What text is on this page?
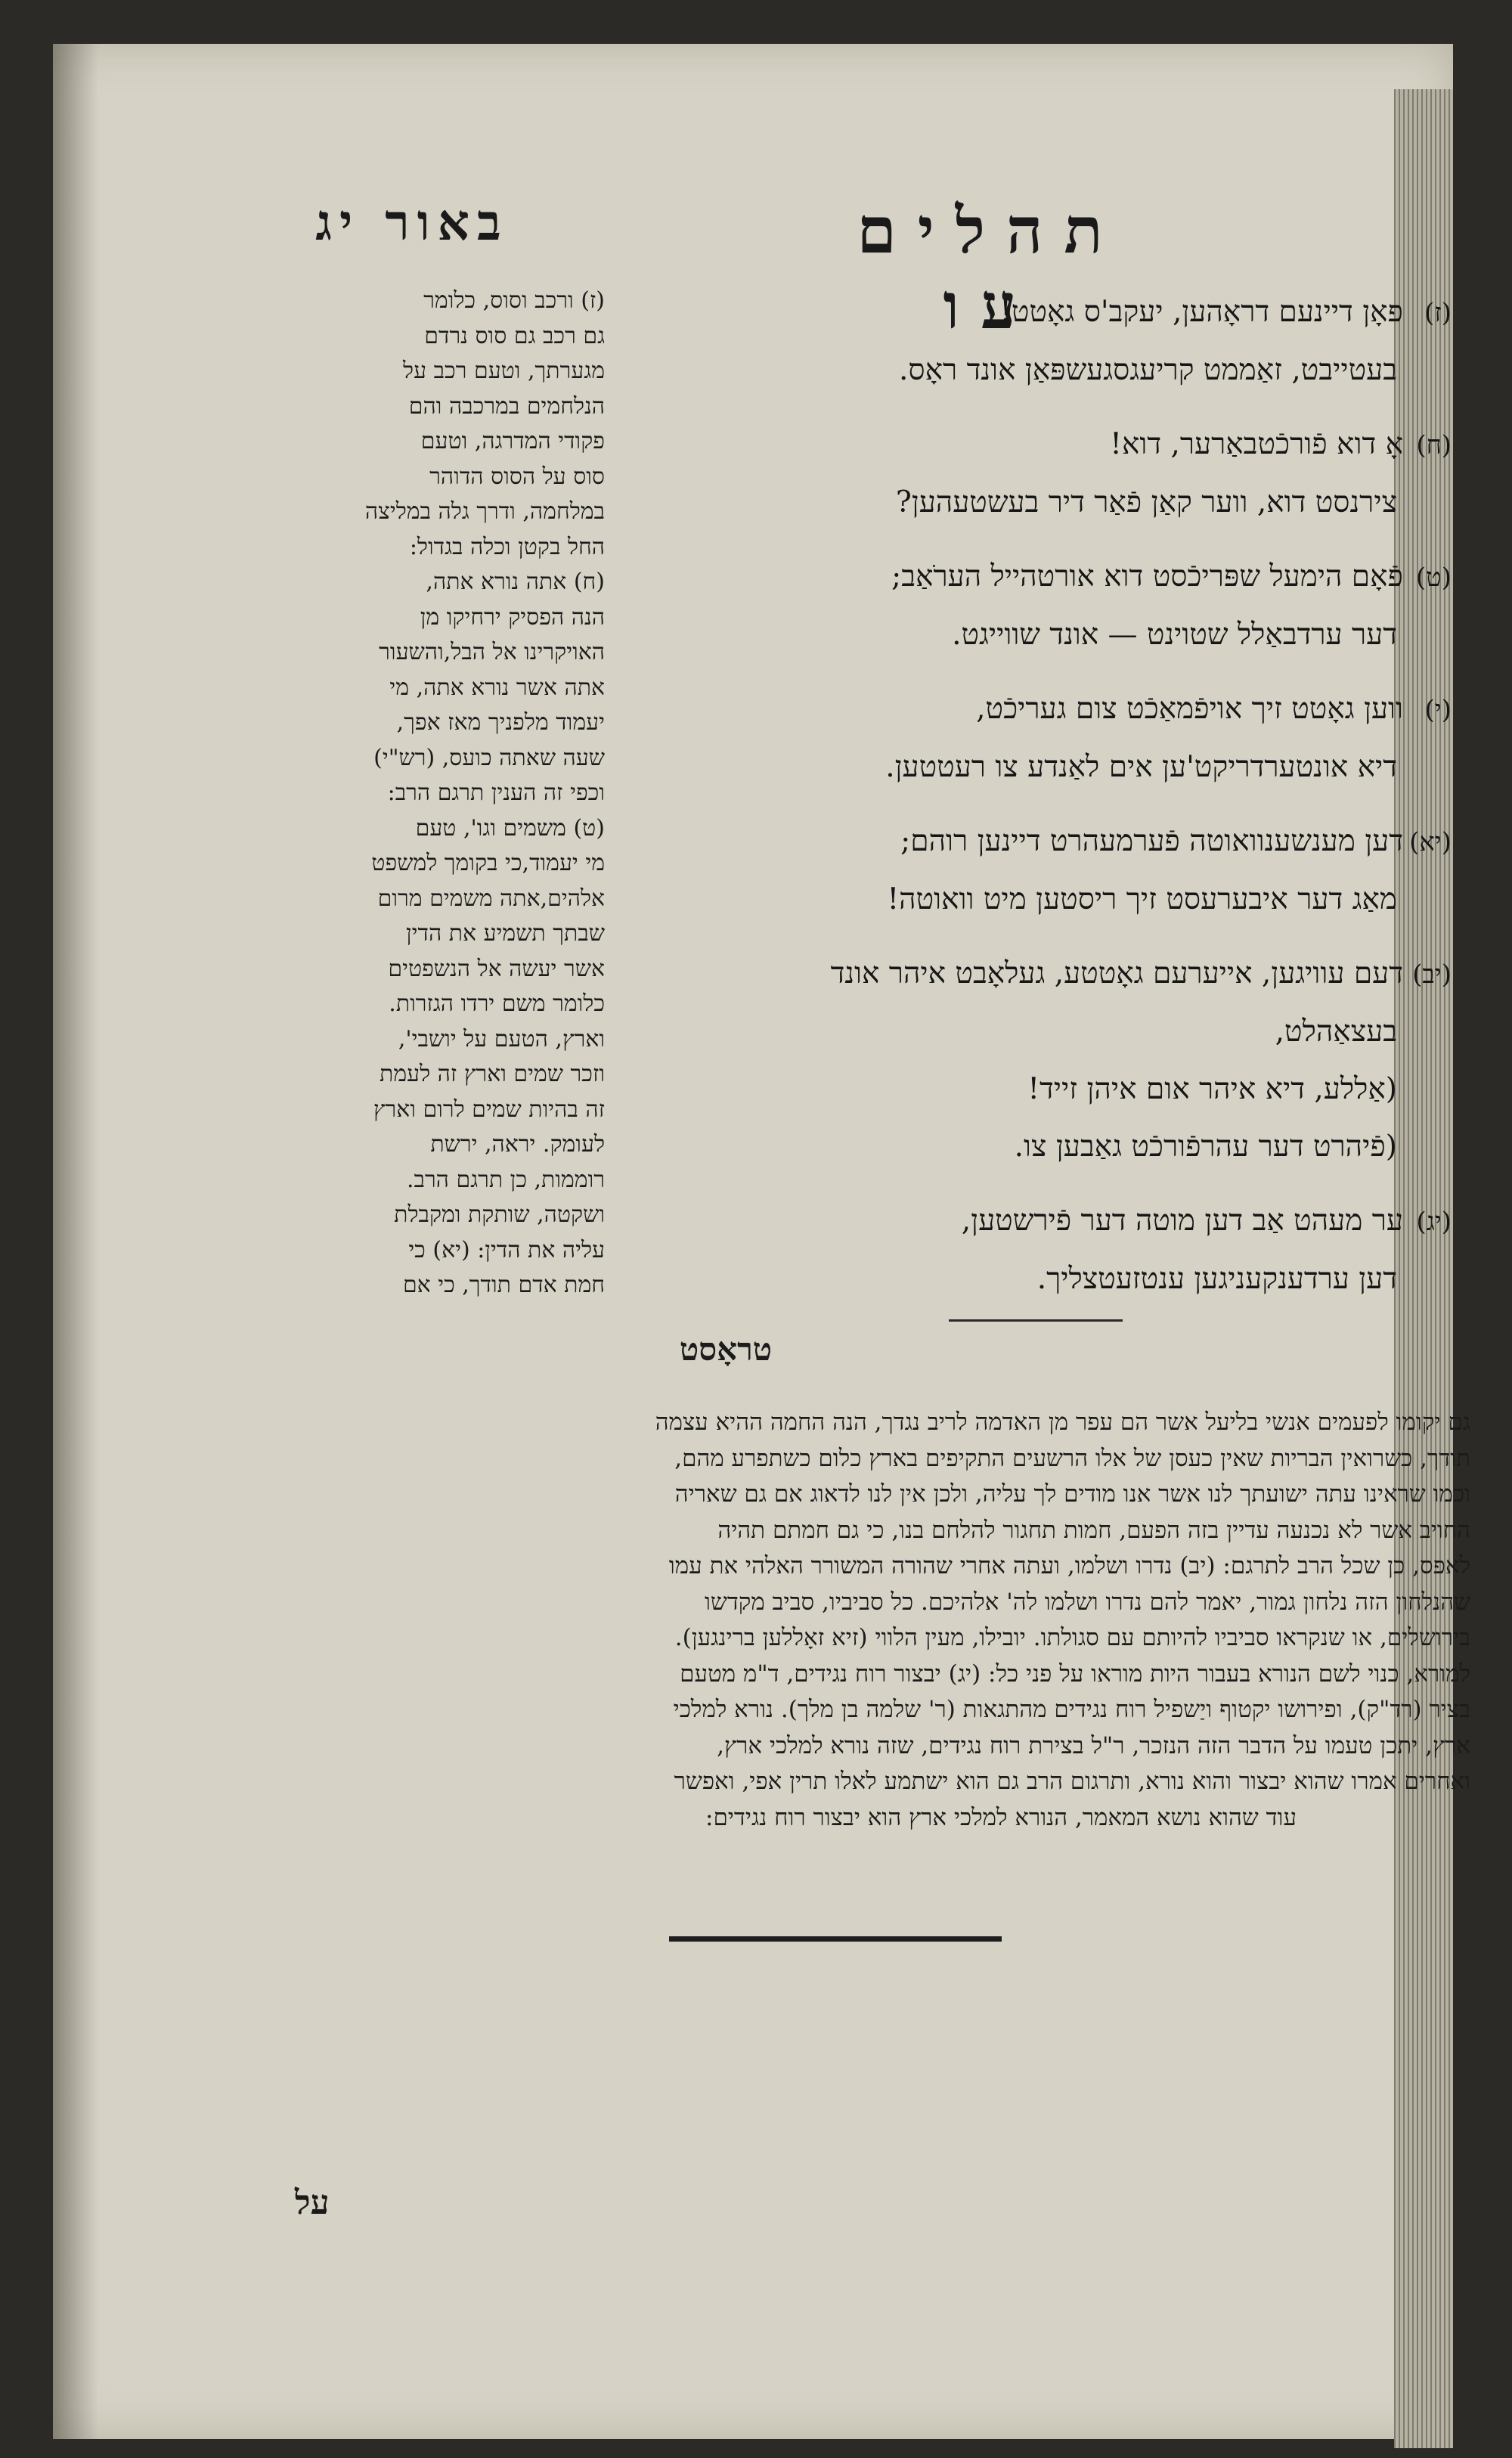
תהלים עו
באור יג
(ז)פאָן דיינעם דראָהען, יעקב'ס גאָטט!
בעטייבט, זאַממט קריעגסגעשפּאַן אונד ראָס.
(ח)אָ דוא פֿורכֿטבאַרער, דוא!
צירנסט דוא, ווער קאַן פֿאַר דיר בעשטעהען?
(ט)פֿאָם הימעל שפּריכֿסט דוא אורטהייל הערֹאַב;
דער ערדבאַלל שטוינט — אונד שווייגט.
(י)ווען גאָטט זיך אויפֿמאַכֿט צום געריכֿט,
דיא אונטערדריקט'ען אים לאַנדע צו רעטטען.
(יא)דען מענשענוואוטה פֿערמעהרט דיינען רוהם;
מאַג דער איבערעסט זיך ריסטען מיט וואוטה!
(יב)דעם עוויגען, אייערעם גאָטטע, געלאָבט איהר אונד
בעצאַהלט,
(אַללע, דיא איהר אום איהן זייד!
(פֿיהרט דער עהרפֿורכֿט גאַבען צו.
(יג)ער מעהט אַב דען מוטה דער פֿירשטען,
דען ערדענקעניגען ענטזעטצליך.
(ז) ורכב וסוס, כלומר
גם רכב גם סוס נרדם
מגערתך, וטעם רכב על
הנלחמים במרכבה והם
פקודי המדרגה, וטעם
סוס על הסוס הדוהר
במלחמה, ודרך גלה במליצה
החל בקטן וכלה בגדול:
(ח) אתה נורא אתה,
הנה הפסיק ירחיקו מן
האויקרינו אל הבל,והשעור
אתה אשר נורא אתה, מי
יעמוד מלפניך מאז אפך,
שעה שאתה כועס, (רש"י)
וכפי זה הענין תרגם הרב:
(ט) משמים וגו', טעם
מי יעמוד,כי בקומך למשפט
אלהים,אתה משמים מרום
שבתך תשמיע את הדין
אשר יעשה אל הנשפטים
כלומר משם ירדו הגזרות.
וארץ, הטעם על יושבי',
וזכר שמים וארץ זה לעמת
זה בהיות שמים לרום וארץ
לעומק. יראה, ירשת
רוממות, כן תרגם הרב.
ושקטה, שותקת ומקבלת
עליה את הדין: (יא) כי
חמת אדם תודך, כי אם
טראָסט
גם יקומו לפעמים אנשי בליעל אשר הם עפר מן האדמה לריב נגדך, הנה החמה ההיא עצמה
תודך, כשרואין הבריות שאין כעסן של אלו הרשעים התקיפים בארץ כלום כשתפרע מהם,
וכמו שראינו עתה ישועתך לנו אשר אנו מודים לך עליה, ולכן אין לנו לדאוג אם גם שאריה
החויב אשר לא נכנעה עדיין בזה הפעם, חמות תחגור להלחם בנו, כי גם חמתם תהיה
לאפס, כן שכל הרב לתרגם: (יב) נדרו ושלמו, ועתה אחרי שהורה המשורר האלהי את עמו
שהנלחון הזה נלחון גמור, יאמר להם נדרו ושלמו לה' אלהיכם. כל סביביו, סביב מקדשו
בירושלים, או שנקראו סביביו להיותם עם סגולתו. יובילו, מעין הלווי (זיא זאָללען ברינגען).
למורא, כנוי לשם הנורא בעבור היות מוראו על פני כל: (יג) יבצור רוח נגידים, ד"מ מטעם
בציר (רד"ק), ופירושו יקטוף ויַשפיל רוח נגידים מהתגאות (ר' שלמה בן מלך). נורא למלכי
ארץ, יתכן טעמו על הדבר הזה הנזכר, ר"ל בצירת רוח נגידים, שזה נורא למלכי ארץ,
ואחרים אמרו שהוא יבצור והוא נורא, ותרגום הרב גם הוא ישתמע לאלו תרין אפי, ואפשר
עוד שהוא נושא המאמר, הנורא למלכי ארץ הוא יבצור רוח נגידים:
על
